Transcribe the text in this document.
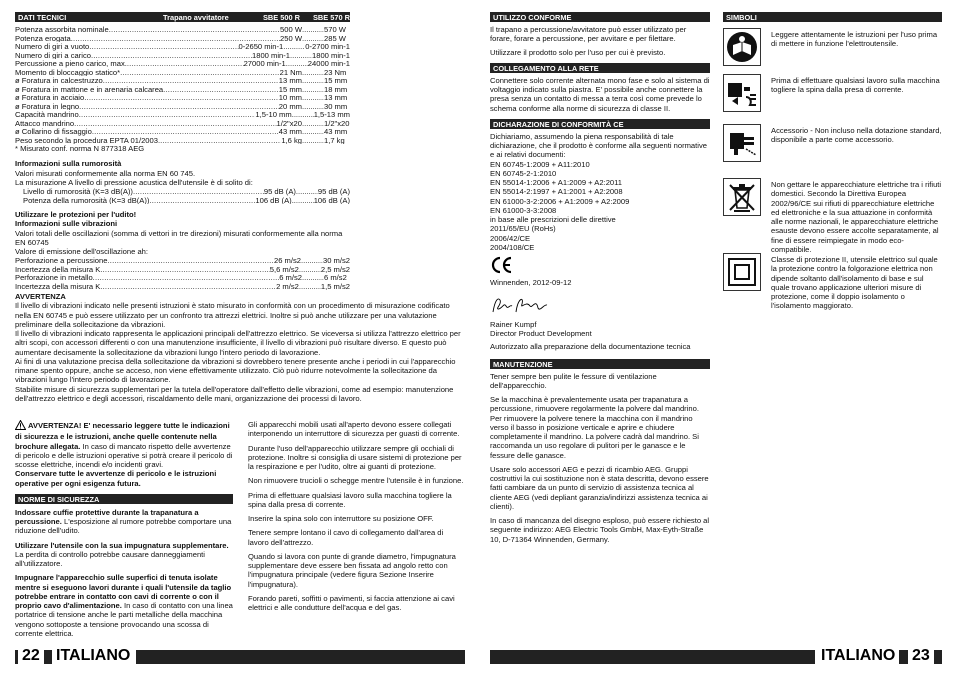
DATI TECNICI	Trapano avvitatore	SBE 500 R	SBE 570 R
Potenza assorbita nominale .....	500 W .....	570 W
Potenza erogata .....	250 W .....	285 W
Numero di giri a vuoto .....	0-2650 min-1 .....	0-2700 min-1
Numero di giri a carico .....	1800 min-1 .....	1800 min-1
Percussione a pieno carico, max. .....	27000 min-1 .....	24000 min-1
Momento di bloccaggio statico* .....	21 Nm .....	23 Nm
ø Foratura in calcestruzzo .....	13 mm .....	15 mm
ø Foratura in mattone e in arenaria calcarea .....	15 mm .....	18 mm
ø Foratura in acciaio .....	10 mm .....	13 mm
ø Foratura in legno .....	20 mm .....	30 mm
Capacità mandrino .....	1,5-10 mm .....	1,5-13 mm
Attacco mandrino .....	1/2"x20 .....	1/2"x20
ø Collarino di fissaggio .....	43 mm .....	43 mm
Peso secondo la procedura EPTA 01/2003. .....	1,6 kg .....	1,7 kg
* Misurato conf. norma N 877318 AEG
Informazioni sulla rumorosità
Valori misurati conformemente alla norma EN 60 745.
La misurazione A livello di pressione acustica dell'utensile è di solito di:
Livello di rumorosità (K=3 dB(A)) .....	95 dB (A) .....	95 dB (A)
Potenza della rumorosità (K=3 dB(A)) .....	106 dB (A) .....	106 dB (A)
Utilizzare le protezioni per l'udito!
Informazioni sulle vibrazioni
Valori totali delle oscillazioni (somma di vettori in tre direzioni) misurati conformemente alla norma EN 60745
Valore di emissione dell'oscillazione ah:
Perforazione a percussione .....	26 m/s2 .....	30 m/s2
Incertezza della misura K .....	5,6 m/s2 .....	2,5 m/s2
Perforazione in metallo .....	6 m/s2 .....	6 m/s2
Incertezza della misura K .....	2 m/s2 .....	1,5 m/s2
AVVERTENZA
Il livello di vibrazioni indicato nelle presenti istruzioni è stato misurato in conformità con un procedimento di misurazione codificato nella EN 60745 e può essere utilizzato per un confronto tra attrezzi elettrici. Inoltre si può anche utilizzare per una valutazione preliminare della sollecitazione da vibrazioni.
Il livello di vibrazioni indicato rappresenta le applicazioni principali dell'attrezzo elettrico. Se viceversa si utilizza l'attrezzo elettrico per altri scopi, con accessori differenti o con una manutenzione insufficiente, il livello di vibrazioni può risultare diverso. E questo può aumentare decisamente la sollecitazione da vibrazioni lungo l'intero periodo di lavorazione.
Ai fini di una valutazione precisa della sollecitazione da vibrazioni si dovrebbero tenere presente anche i periodi in cui l'apparecchio rimane spento oppure, anche se acceso, non viene effettivamente utilizzato. Ciò può ridurre notevolmente la sollecitazione da vibrazioni lungo l'intero periodo di lavorazione.
Stabilite misure di sicurezza supplementari per la tutela dell'operatore dall'effetto delle vibrazioni, come ad esempio: manutenzione dell'attrezzo elettrico e degli accessori, riscaldamento delle mani, organizzazione dei processi di lavoro.

AVVERTENZA! E' necessario leggere tutte le indicazioni di sicurezza e le istruzioni, anche quelle contenute nella brochure allegata. In caso di mancato rispetto delle avvertenze di pericolo e delle istruzioni operative si potrà creare il pericolo di scosse elettriche, incendi e/o incidenti gravi.
Conservare tutte le avvertenze di pericolo e le istruzioni operative per ogni esigenza futura.

NORME DI SICUREZZA

Indossare cuffie protettive durante la trapanatura a percussione. L'esposizione al rumore potrebbe comportare una riduzione dell'udito.

Utilizzare l'utensile con la sua impugnatura supplementare. La perdita di controllo potrebbe causare danneggiamenti all'utilizzatore.

Impugnare l'apparecchio sulle superfici di tenuta isolate mentre si eseguono lavori durante i quali l'utensile da taglio potrebbe entrare in contatto con cavi di corrente o con il proprio cavo d'alimentazione. In caso di contatto con una linea portatrice di tensione anche le parti metalliche della macchina vengono sottoposte a tensione provocando una scossa di corrente elettrica.

Gli apparecchi mobili usati all'aperto devono essere collegati interponendo un interruttore di sicurezza per guasti di corrente.

Durante l'uso dell'apparecchio utilizzare sempre gli occhiali di protezione. Inoltre si consiglia di usare sistemi di protezione per la respirazione e per l'udito, oltre ai guanti di protezione.

Non rimuovere trucioli o schegge mentre l'utensile è in funzione.

Prima di effettuare qualsiasi lavoro sulla macchina togliere la spina dalla presa di corrente.

Inserire la spina solo con interruttore su posizione OFF.

Tenere sempre lontano il cavo di collegamento dall'area di lavoro dell'attrezzo.

Quando si lavora con punte di grande diametro, l'impugnatura supplementare deve essere ben fissata ad angolo retto con l'impugnatura principale (vedere figura Sezione Inserire l'impugnatura).

Forando pareti, soffitti o pavimenti, si faccia attenzione ai cavi elettrici e alle condutture dell'acqua e del gas.

22 ITALIANO
UTILIZZO CONFORME

Il trapano a percussione/avvitatore può esser utilizzato per forare, forare a percussione, per avvitare e per filettare.

Utilizzare il prodotto solo per l'uso per cui è previsto.

COLLEGAMENTO ALLA RETE

Connettere solo corrente alternata mono fase e solo al sistema di voltaggio indicato sulla piastra. E' possibile anche connettere la presa senza un contatto di messa a terra così come prevede lo schema conforme alla norme di sicurezza di classe II.

DICHARAZIONE DI CONFORMITÀ CE
Dichiariamo, assumendo la piena responsabilità di tale dichiarazione, che il prodotto è conforme alla seguenti normative e ai relativi documenti:
EN 60745-1:2009 + A11:2010
EN 60745-2-1:2010
EN 55014-1:2006 + A1:2009 + A2:2011
EN 55014-2:1997 + A1:2001 + A2:2008
EN 61000-3-2:2006 + A1:2009 + A2:2009
EN 61000-3-3:2008
in base alle prescrizioni delle direttive
2011/65/EU (RoHs)
2006/42/CE
2004/108/CE
Winnenden, 2012-09-12
Rainer Kumpf
Director Product Development
Autorizzato alla preparazione della documentazione tecnica
MANUTENZIONE

Tener sempre ben pulite le fessure di ventilazione dell'apparecchio.

Se la macchina è prevalentemente usata per trapanatura a percussione, rimuovere regolarmente la polvere dal mandrino. Per rimuovere la polvere tenere la macchina con il mandrino verso il basso in posizione verticale e aprire e chiudere completamente il mandrino. La polvere cadrà dal mandrino. Si raccomanda un uso regolare di pulitori per le ganasce e le fessure delle ganasce.

Usare solo accessori AEG e pezzi di ricambio AEG. Gruppi costruttivi la cui sostituzione non è stata descritta, devono essere fatti cambiare da un punto di servizio di assistenza tecnica al cliente AEG (vedi depliant garanzia/indirizzi assistenza tecnica ai clienti).

In caso di mancanza del disegno esploso, può essere richiesto al seguente indirizzo: AEG Electric Tools GmbH, Max-Eyth-Straße 10, D-71364 Winnenden, Germany.

SIMBOLI
Leggere attentamente le istruzioni per l'uso prima di mettere in funzione l'elettroutensile.
Prima di effettuare qualsiasi lavoro sulla macchina togliere la spina dalla presa di corrente.
Accessorio - Non incluso nella dotazione standard, disponibile a parte come accessorio.
Non gettare le apparecchiature elettriche tra i rifiuti domestici. Secondo la Direttiva Europea 2002/96/CE sui rifiuti di pparecchiature elettriche ed elettroniche e la sua attuazione in conformità alle norme nazionali, le apparecchiature elettriche esauste devono essere accolte separatamente, al fine di essere reimpiegate in modo eco-compatibile.
Classe di protezione II, utensile elettrico sul quale la protezione contro la folgorazione elettrica non dipende soltanto dall'isolamento di base e sul quale trovano applicazione ulteriori misure di protezione, come il doppio isolamento o l'isolamento maggiorato.
ITALIANO 23
